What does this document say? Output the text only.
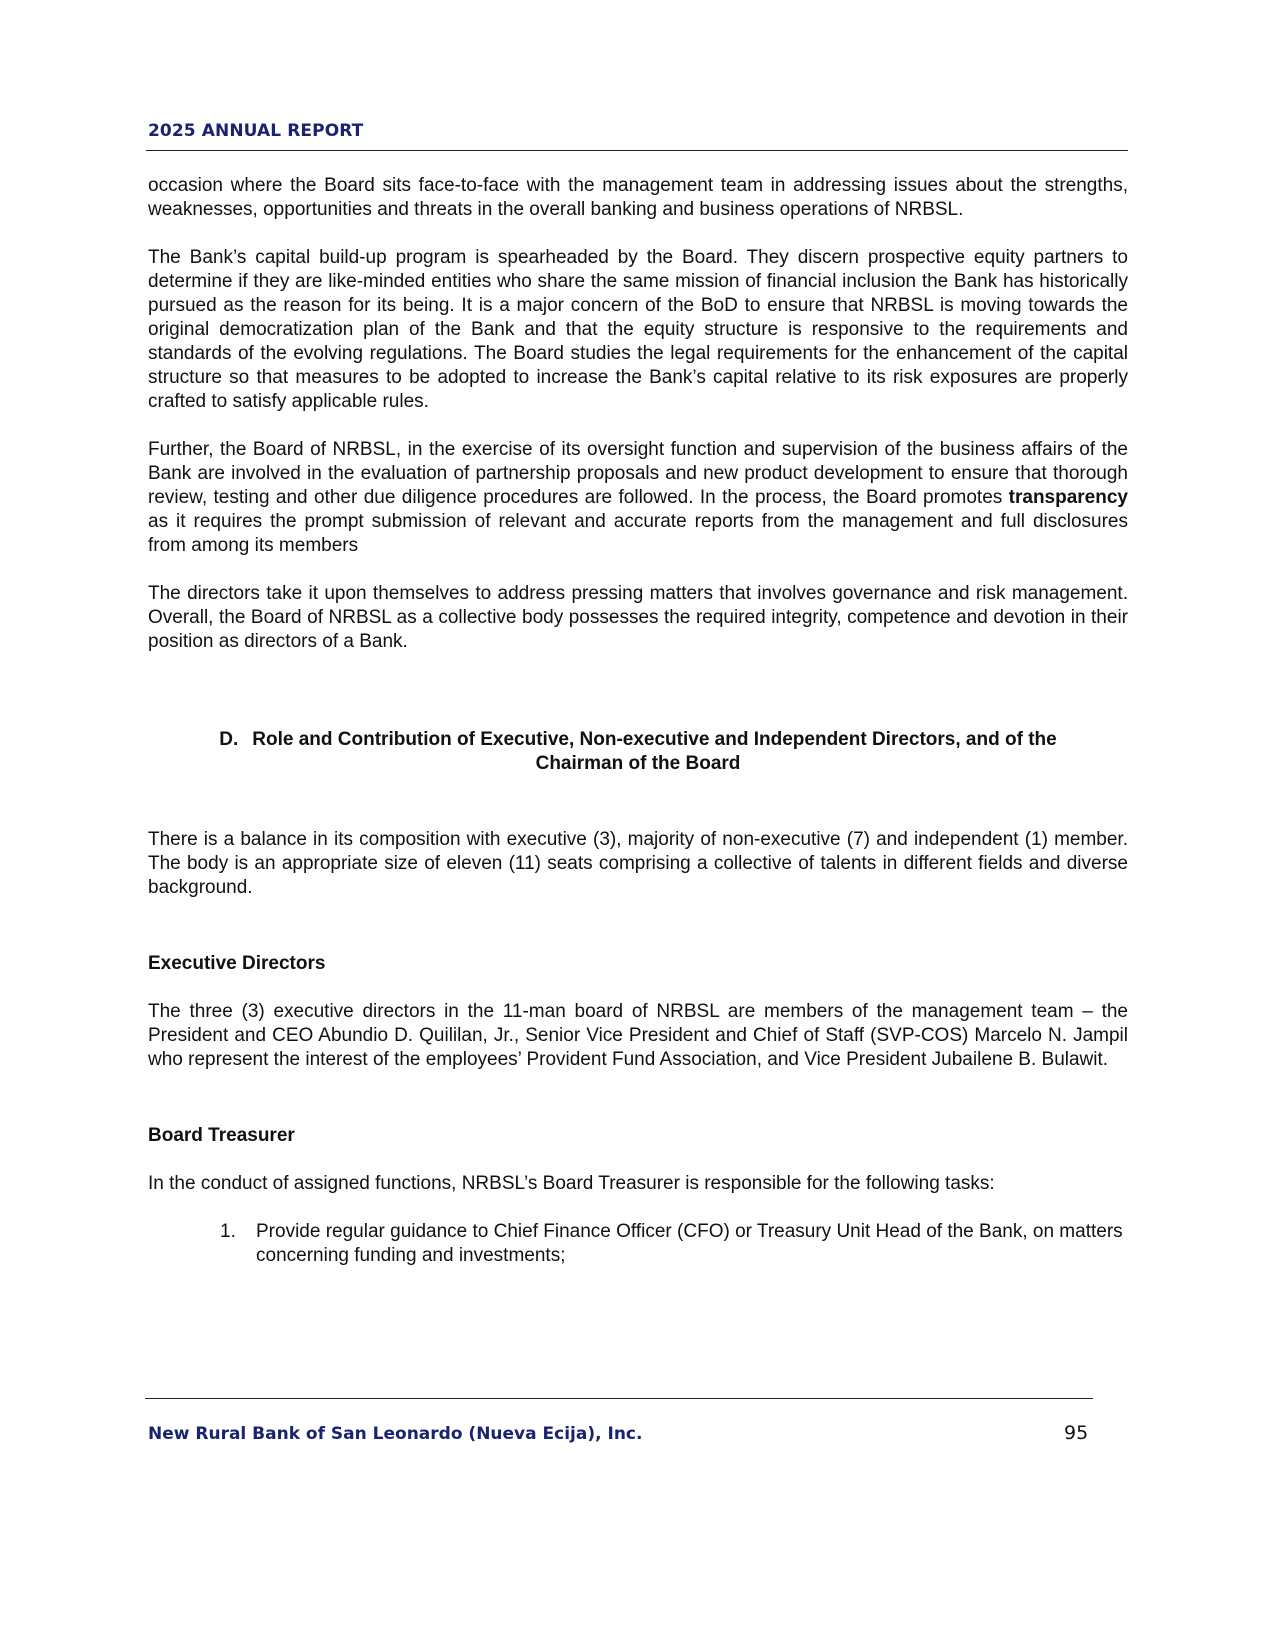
2025 ANNUAL REPORT

occasion where the Board sits face-to-face with the management team in addressing issues about the strengths, weaknesses, opportunities and threats in the overall banking and business operations of NRBSL.

The Bank’s capital build-up program is spearheaded by the Board. They discern prospective equity partners to determine if they are like-minded entities who share the same mission of financial inclusion the Bank has historically pursued as the reason for its being. It is a major concern of the BoD to ensure that NRBSL is moving towards the original democratization plan of the Bank and that the equity structure is responsive to the requirements and standards of the evolving regulations. The Board studies the legal requirements for the enhancement of the capital structure so that measures to be adopted to increase the Bank’s capital relative to its risk exposures are properly crafted to satisfy applicable rules.

Further, the Board of NRBSL, in the exercise of its oversight function and supervision of the business affairs of the Bank are involved in the evaluation of partnership proposals and new product development to ensure that thorough review, testing and other due diligence procedures are followed. In the process, the Board promotes transparency as it requires the prompt submission of relevant and accurate reports from the management and full disclosures from among its members

The directors take it upon themselves to address pressing matters that involves governance and risk management. Overall, the Board of NRBSL as a collective body possesses the required integrity, competence and devotion in their position as directors of a Bank.

D. Role and Contribution of Executive, Non-executive and Independent Directors, and of the
Chairman of the Board

There is a balance in its composition with executive (3), majority of non-executive (7) and independent (1) member. The body is an appropriate size of eleven (11) seats comprising a collective of talents in different fields and diverse background.

Executive Directors

The three (3) executive directors in the 11-man board of NRBSL are members of the management team – the President and CEO Abundio D. Quililan, Jr., Senior Vice President and Chief of Staff (SVP-COS) Marcelo N. Jampil who represent the interest of the employees’ Provident Fund Association, and Vice President Jubailene B. Bulawit.

Board Treasurer

In the conduct of assigned functions, NRBSL’s Board Treasurer is responsible for the following tasks:

1.	Provide regular guidance to Chief Finance Officer (CFO) or Treasury Unit Head of the Bank, on matters concerning funding and investments;
New Rural Bank of San Leonardo (Nueva Ecija), Inc.	95
